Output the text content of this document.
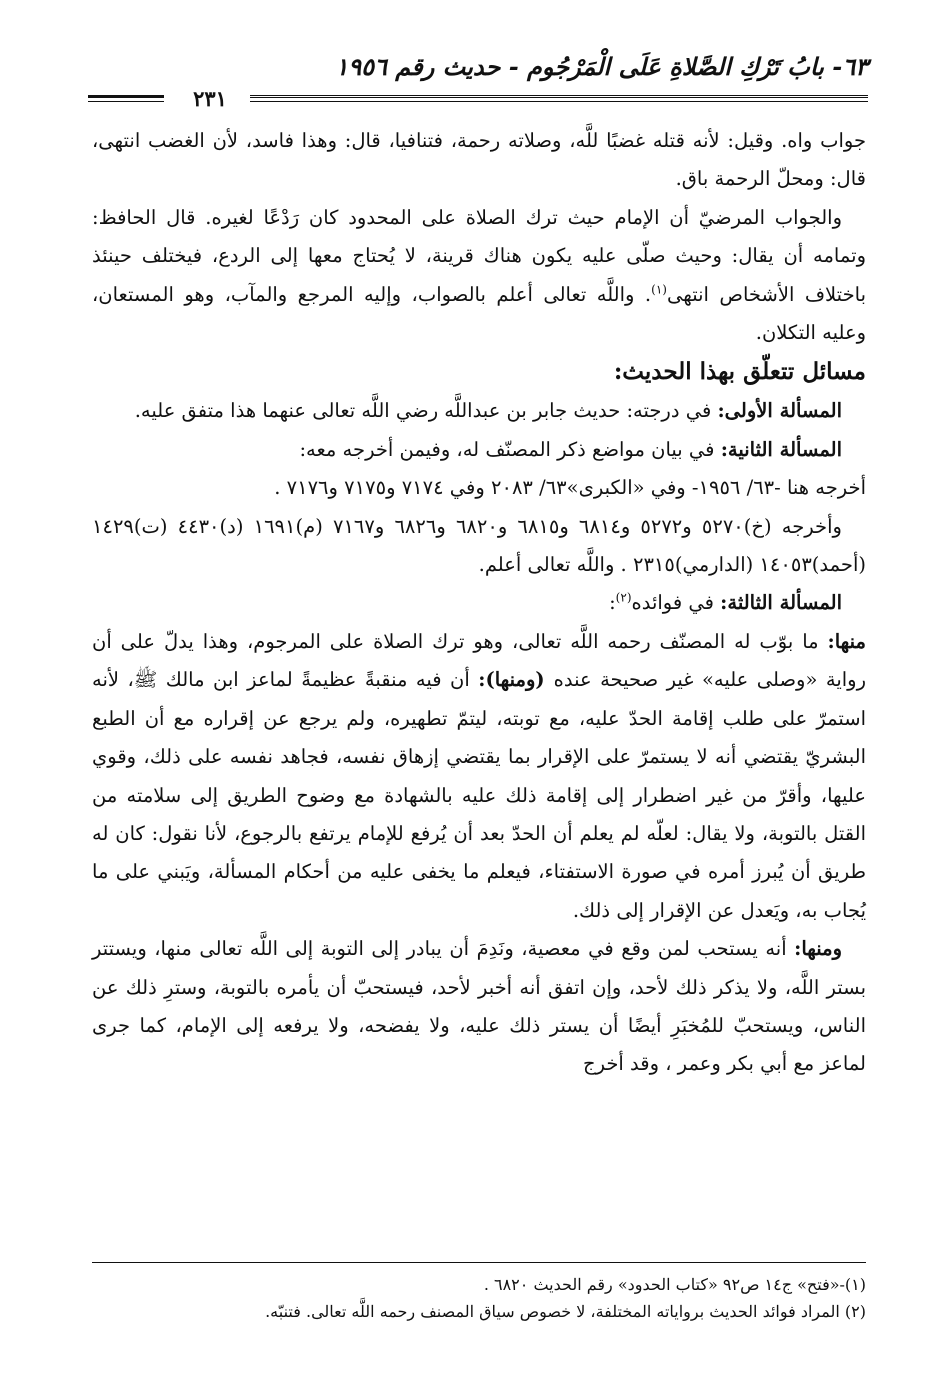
٦٣- بابُ تَرْكِ الصَّلاةِ عَلَى الْمَرْجُوم - حديث رقم ١٩٥٦
٢٣١

جواب واه. وقيل: لأنه قتله غضبًا للَّه، وصلاته رحمة، فتنافيا، قال: وهذا فاسد، لأن الغضب انتهى، قال: ومحلّ الرحمة باق.

والجواب المرضيّ أن الإمام حيث ترك الصلاة على المحدود كان رَدْعًا لغيره. قال الحافظ: وتمامه أن يقال: وحيث صلّى عليه يكون هناك قرينة، لا يُحتاج معها إلى الردع، فيختلف حينئذ باختلاف الأشخاص انتهى$^{(١)}$. واللَّه تعالى أعلم بالصواب، وإليه المرجع والمآب، وهو المستعان، وعليه التكلان.

مسائل تتعلّق بهذا الحديث:

المسألة الأولى: في درجته: حديث جابر بن عبداللَّه رضي اللَّه تعالى عنهما هذا متفق عليه.

المسألة الثانية: في بيان مواضع ذكر المصنّف له، وفيمن أخرجه معه:

أخرجه هنا -٦٣/ ١٩٥٦- وفي «الكبرى»٦٣/ ٢٠٨٣ وفي ٧١٧٤ و٧١٧٥ و٧١٧٦ .

وأخرجه (خ)٥٢٧٠ و٥٢٧٢ و٦٨١٤ و٦٨١٥ و٦٨٢٠ و٦٨٢٦ و٧١٦٧ (م)١٦٩١ (د)٤٤٣٠ (ت)١٤٢٩ (أحمد)١٤٠٥٣ (الدارمي)٢٣١٥ . واللَّه تعالى أعلم.

المسألة الثالثة: في فوائده$^{(٢)}$:

منها: ما بوّب له المصنّف رحمه اللَّه تعالى، وهو ترك الصلاة على المرجوم، وهذا يدلّ على أن رواية «وصلى عليه» غير صحيحة عنده (ومنها): أن فيه منقبةً عظيمةً لماعز ابن مالك ﷺ، لأنه استمرّ على طلب إقامة الحدّ عليه، مع توبته، ليتمّ تطهيره، ولم يرجع عن إقراره مع أن الطبع البشريّ يقتضي أنه لا يستمرّ على الإقرار بما يقتضي إزهاق نفسه، فجاهد نفسه على ذلك، وقوي عليها، وأقرّ من غير اضطرار إلى إقامة ذلك عليه بالشهادة مع وضوح الطريق إلى سلامته من القتل بالتوبة، ولا يقال: لعلّه لم يعلم أن الحدّ بعد أن يُرفع للإمام يرتفع بالرجوع، لأنا نقول: كان له طريق أن يُبرز أمره في صورة الاستفتاء، فيعلم ما يخفى عليه من أحكام المسألة، ويَبني على ما يُجاب به، ويَعدل عن الإقرار إلى ذلك.

ومنها: أنه يستحب لمن وقع في معصية، ونَدِمَ أن يبادر إلى التوبة إلى اللَّه تعالى منها، ويستتر بستر اللَّه، ولا يذكر ذلك لأحد، وإن اتفق أنه أخبر لأحد، فيستحبّ أن يأمره بالتوبة، وسترِ ذلك عن الناس، ويستحبّ للمُخبَرِ أيضًا أن يستر ذلك عليه، ولا يفضحه، ولا يرفعه إلى الإمام، كما جرى لماعز مع أبي بكر وعمر ، وقد أخرج

(١)-«فتح» ج١٤ ص٩٢ «كتاب الحدود» رقم الحديث ٦٨٢٠ .

(٢) المراد فوائد الحديث برواياته المختلفة، لا خصوص سياق المصنف رحمه اللَّه تعالى. فتنبّه.
